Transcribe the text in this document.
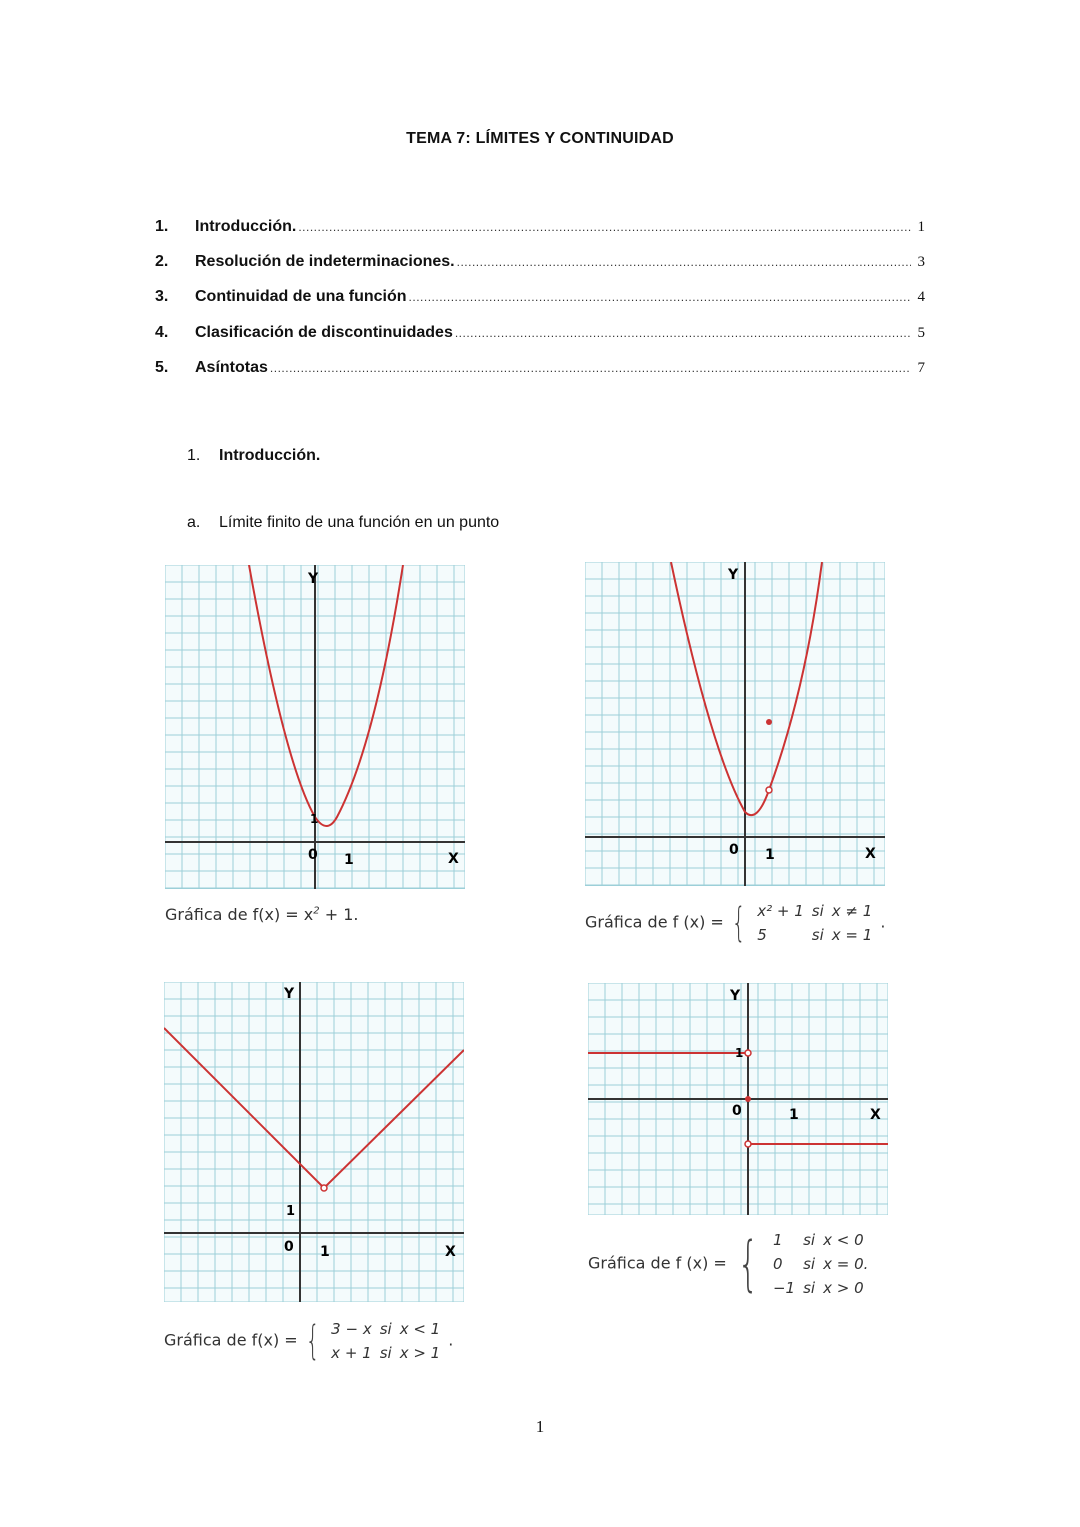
TEMA 7: LÍMITES Y CONTINUIDAD
1.	Introducción. .....	1
2.	Resolución de indeterminaciones. .....	3
3.	Continuidad de una función .....	4
4.	Clasificación de discontinuidades .....	5
5.	Asíntotas .....	7
1. Introducción.
a. Límite finito de una función en un punto
Y
X
0 1
1
Gráfica de $f(x) = x^2 + 1$.
Y
X
0 1
Gráfica de f (x) = { x² + 1	si	x ≠ 1
5	si	x = 1.
Y
X
0 1
1
Gráfica de f(x) = { 3 − x	si	x < 1
x + 1	si	x > 1.
Y
X
0	1
1
Gráfica de f (x) = { 1	si	x < 0
0	si	x = 0.
−1	si	x > 0
1
